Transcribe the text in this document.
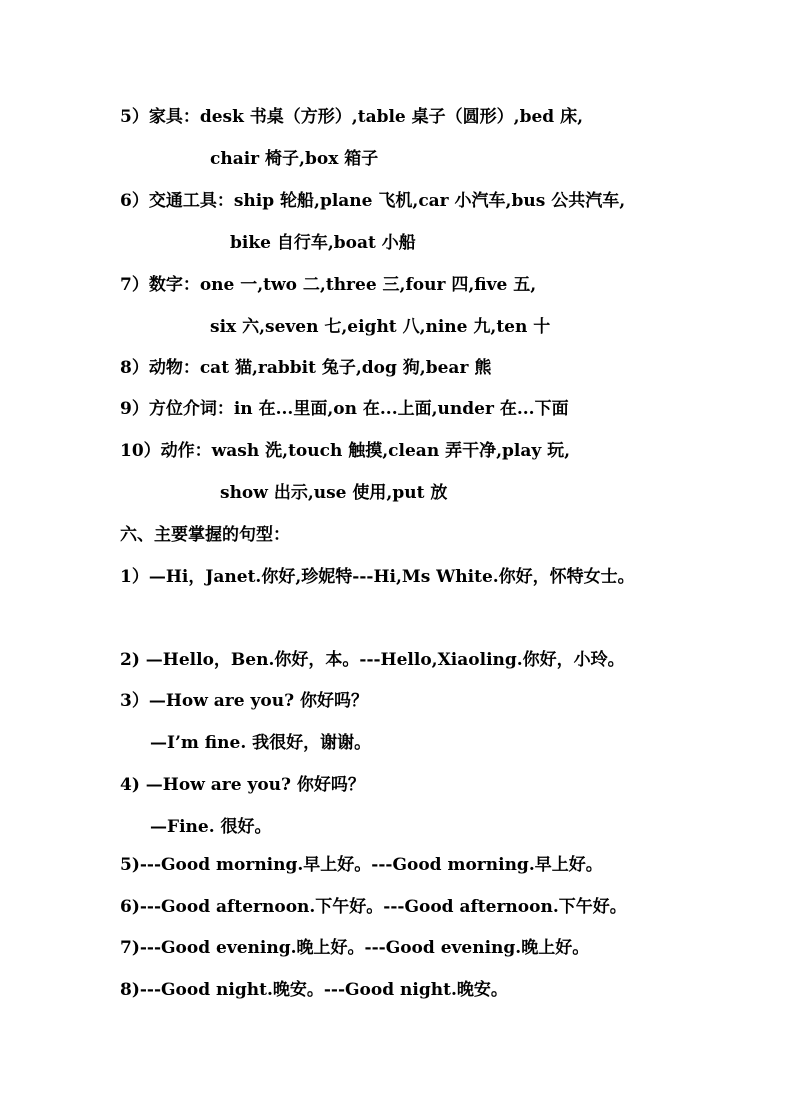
5）家具：desk 书桌（方形）,table 桌子（圆形）,bed 床,
chair 椅子,box 箱子
6）交通工具：ship 轮船,plane 飞机,car 小汽车,bus 公共汽车,
bike 自行车,boat 小船
7）数字：one 一,two 二,three 三,four 四,five 五,
six 六,seven 七,eight 八,nine 九,ten 十
8）动物：cat 猫,rabbit 兔子,dog 狗,bear 熊
9）方位介词：in 在...里面,on 在...上面,under 在...下面
10）动作：wash 洗,touch 触摸,clean 弄干净,play 玩,
show 出示,use 使用,put 放
六、主要掌握的句型：
1）—Hi，Janet.你好,珍妮特---Hi,Ms White.你好，怀特女士。
2) —Hello，Ben.你好，本。---Hello,Xiaoling.你好，小玲。
3）—How are you? 你好吗？
—I’m fine. 我很好，谢谢。
4) —How are you? 你好吗？
—Fine. 很好。
5)---Good morning.早上好。---Good morning.早上好。
6)---Good afternoon.下午好。---Good afternoon.下午好。
7)---Good evening.晚上好。---Good evening.晚上好。
8)---Good night.晚安。---Good night.晚安。
